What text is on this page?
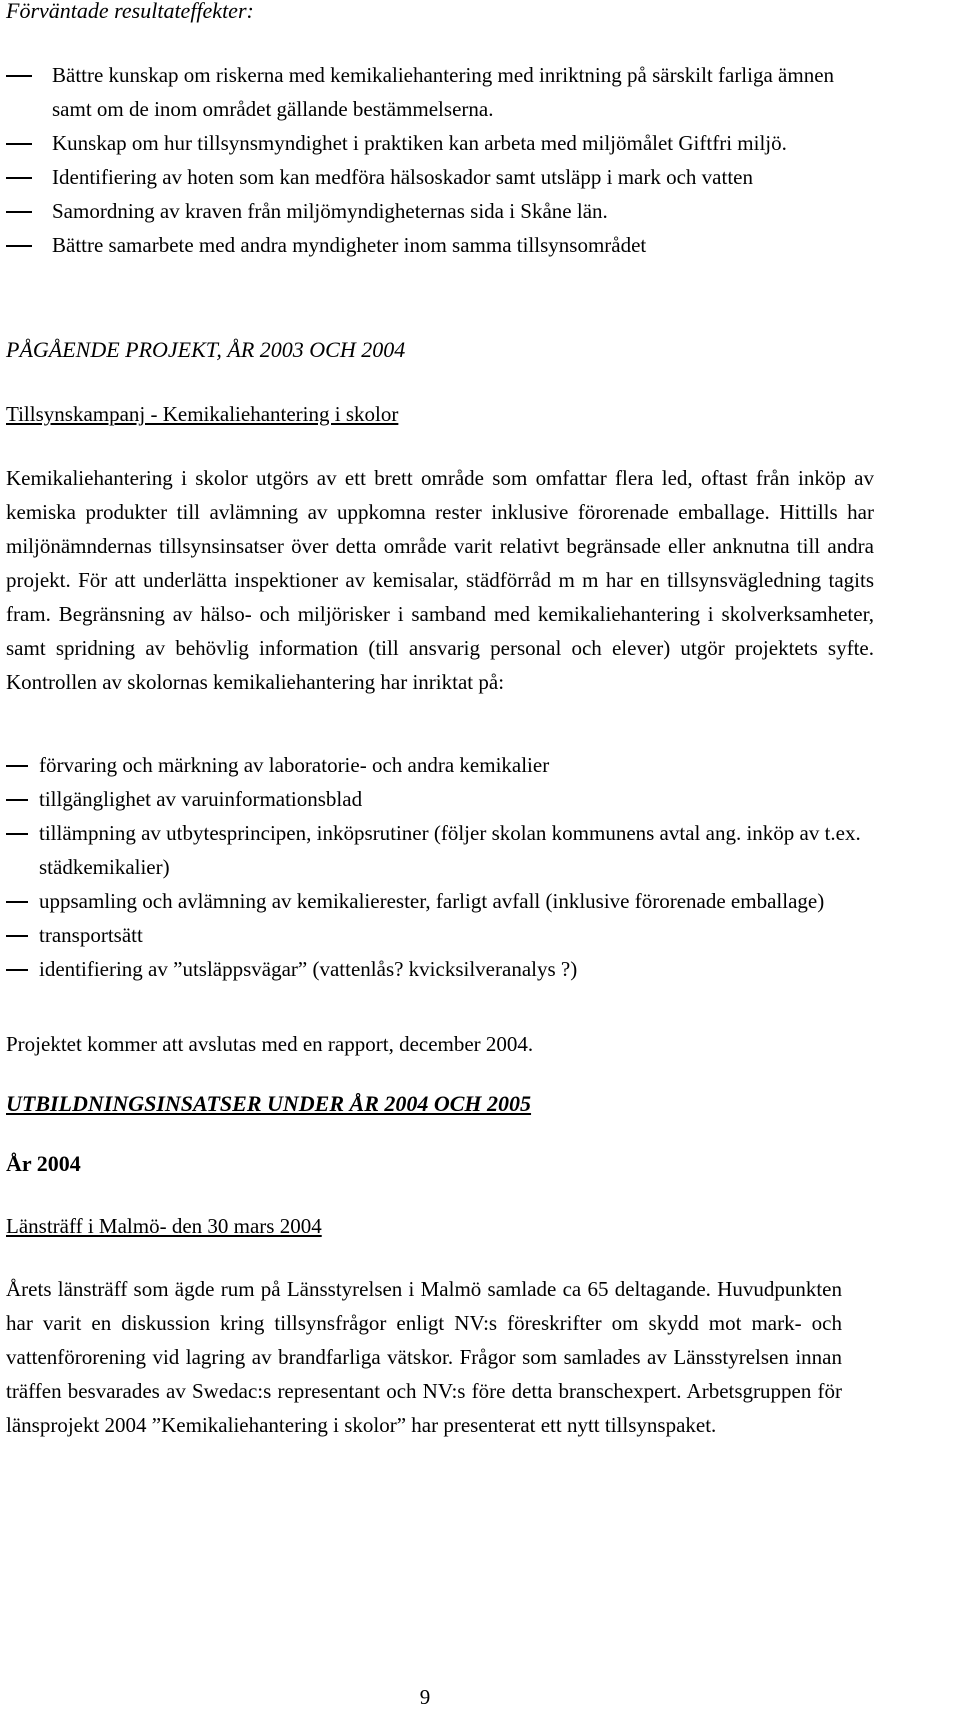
Förväntade resultateffekter:
Bättre kunskap om riskerna med kemikaliehantering med inriktning på särskilt farliga ämnen samt om de inom området gällande bestämmelserna.
Kunskap om hur tillsynsmyndighet i praktiken kan arbeta med miljömålet Giftfri miljö.
Identifiering av hoten som kan medföra hälsoskador samt utsläpp i mark och vatten
Samordning av kraven från miljömyndigheternas sida i Skåne län.
Bättre samarbete med andra myndigheter inom samma tillsynsområdet
PÅGÅENDE PROJEKT, ÅR 2003 OCH 2004
Tillsynskampanj - Kemikaliehantering i skolor

Kemikaliehantering i skolor utgörs av ett brett område som omfattar flera led, oftast från inköp av kemiska produkter till avlämning av uppkomna rester inklusive förorenade emballage. Hittills har miljönämndernas tillsynsinsatser över detta område varit relativt begränsade eller anknutna till andra projekt. För att underlätta inspektioner av kemisalar, städförråd m m har en tillsynsvägledning tagits fram. Begränsning av hälso- och miljörisker i samband med kemikaliehantering i skolverksamheter, samt spridning av behövlig information (till ansvarig personal och elever) utgör projektets syfte. Kontrollen av skolornas kemikaliehantering har inriktat på:

förvaring och märkning av laboratorie- och andra kemikalier
tillgänglighet av varuinformationsblad
tillämpning av utbytesprincipen, inköpsrutiner (följer skolan kommunens avtal ang. inköp av t.ex. städkemikalier)
uppsamling och avlämning av kemikalierester, farligt avfall (inklusive förorenade emballage)
transportsätt
identifiering av ”utsläppsvägar” (vattenlås? kvicksilveranalys ?)
Projektet kommer att avslutas med en rapport, december 2004.
UTBILDNINGSINSATSER UNDER ÅR 2004 OCH 2005
År 2004
Länsträff i Malmö- den 30 mars 2004

Årets länsträff som ägde rum på Länsstyrelsen i Malmö samlade ca 65 deltagande. Huvudpunkten har varit en diskussion kring tillsynsfrågor enligt NV:s föreskrifter om skydd mot mark- och vattenförorening vid lagring av brandfarliga vätskor. Frågor som samlades av Länsstyrelsen innan träffen besvarades av Swedac:s representant och NV:s före detta branschexpert. Arbetsgruppen för länsprojekt 2004 ”Kemikaliehantering i skolor” har presenterat ett nytt tillsynspaket.

9
